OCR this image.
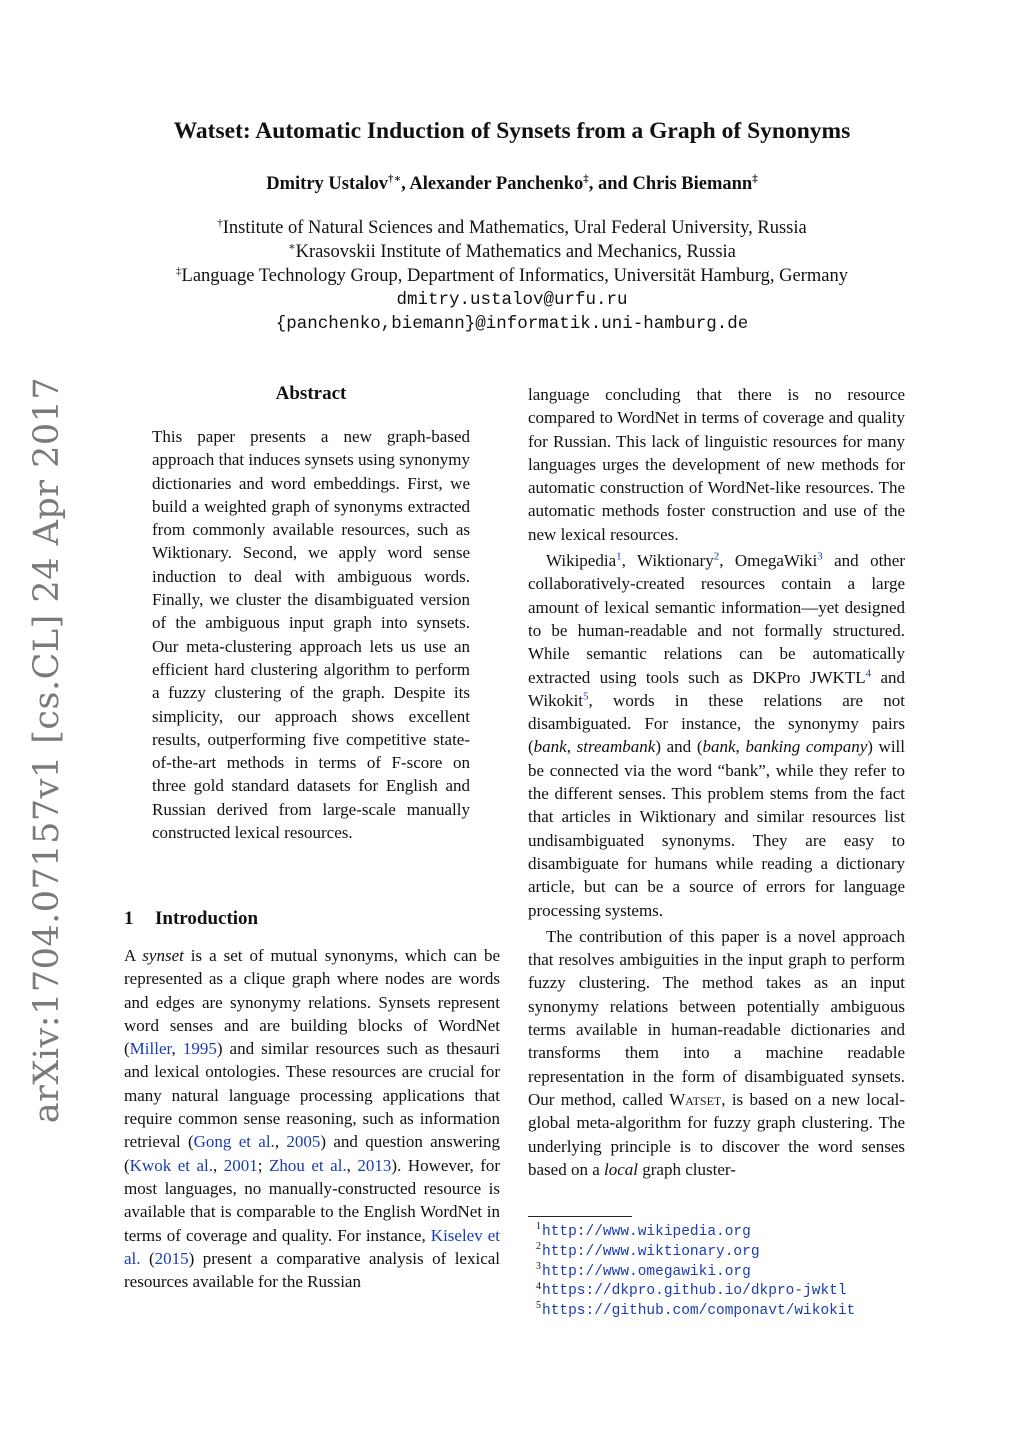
arXiv:1704.07157v1 [cs.CL] 24 Apr 2017
Watset: Automatic Induction of Synsets from a Graph of Synonyms
Dmitry Ustalov†∗, Alexander Panchenko‡, and Chris Biemann‡
†Institute of Natural Sciences and Mathematics, Ural Federal University, Russia
∗Krasovskii Institute of Mathematics and Mechanics, Russia
‡Language Technology Group, Department of Informatics, Universität Hamburg, Germany
dmitry.ustalov@urfu.ru
{panchenko,biemann}@informatik.uni-hamburg.de
Abstract
This paper presents a new graph-based approach that induces synsets using synonymy dictionaries and word embeddings. First, we build a weighted graph of synonyms extracted from commonly available resources, such as Wiktionary. Second, we apply word sense induction to deal with ambiguous words. Finally, we cluster the disambiguated version of the ambiguous input graph into synsets. Our meta-clustering approach lets us use an efficient hard clustering algorithm to perform a fuzzy clustering of the graph. Despite its simplicity, our approach shows excellent results, outperforming five competitive state-of-the-art methods in terms of F-score on three gold standard datasets for English and Russian derived from large-scale manually constructed lexical resources.
1 Introduction

A synset is a set of mutual synonyms, which can be represented as a clique graph where nodes are words and edges are synonymy relations. Synsets represent word senses and are building blocks of WordNet (Miller, 1995) and similar resources such as thesauri and lexical ontologies. These resources are crucial for many natural language processing applications that require common sense reasoning, such as information retrieval (Gong et al., 2005) and question answering (Kwok et al., 2001; Zhou et al., 2013). However, for most languages, no manually-constructed resource is available that is comparable to the English WordNet in terms of coverage and quality. For instance, Kiselev et al. (2015) present a comparative analysis of lexical resources available for the Russian

language concluding that there is no resource compared to WordNet in terms of coverage and quality for Russian. This lack of linguistic resources for many languages urges the development of new methods for automatic construction of WordNet-like resources. The automatic methods foster construction and use of the new lexical resources.

Wikipedia$^1$, Wiktionary$^2$, OmegaWiki$^3$ and other collaboratively-created resources contain a large amount of lexical semantic information—yet designed to be human-readable and not formally structured. While semantic relations can be automatically extracted using tools such as DKPro JWKTL$^4$ and Wikokit$^5$, words in these relations are not disambiguated. For instance, the synonymy pairs (bank, streambank) and (bank, banking company) will be connected via the word “bank”, while they refer to the different senses. This problem stems from the fact that articles in Wiktionary and similar resources list undisambiguated synonyms. They are easy to disambiguate for humans while reading a dictionary article, but can be a source of errors for language processing systems.

The contribution of this paper is a novel approach that resolves ambiguities in the input graph to perform fuzzy clustering. The method takes as an input synonymy relations between potentially ambiguous terms available in human-readable dictionaries and transforms them into a machine readable representation in the form of disambiguated synsets. Our method, called Watset, is based on a new local-global meta-algorithm for fuzzy graph clustering. The underlying principle is to discover the word senses based on a local graph cluster-

$^1$http://www.wikipedia.org
$^2$http://www.wiktionary.org
$^3$http://www.omegawiki.org
$^4$https://dkpro.github.io/dkpro-jwktl
$^5$https://github.com/componavt/wikokit
